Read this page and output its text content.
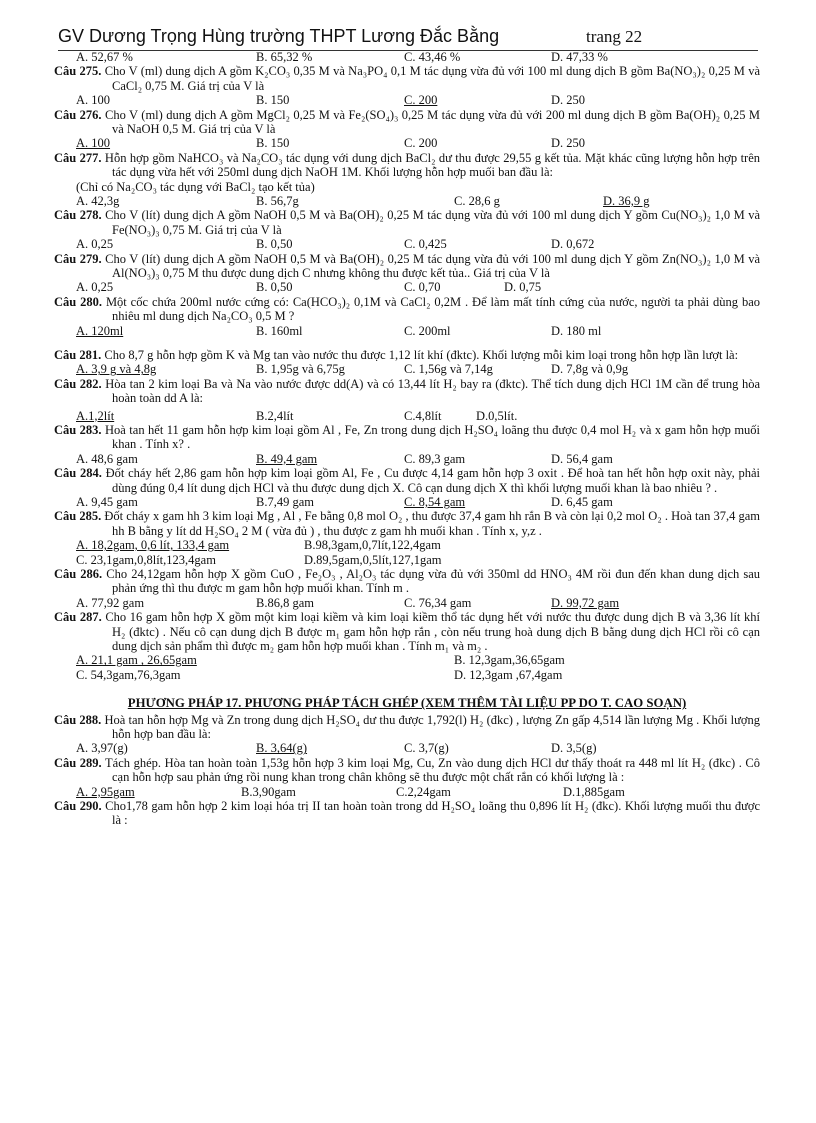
GV Dương Trọng Hùng trường THPT Lương Đắc Bằng	trang 22
A. 52,67 %	B. 65,32 %	C. 43,46 %	D. 47,33 %
Câu 275. Cho V (ml) dung dịch A gồm K₂CO₃ 0,35 M và Na₃PO₄ 0,1 M tác dụng vừa đủ với 100 ml dung dịch B gồm Ba(NO₃)₂ 0,25 M và CaCl₂ 0,75 M. Giá trị của V là
A. 100	B. 150	C. 200	D. 250
Câu 276. Cho V (ml) dung dịch A gồm MgCl₂ 0,25 M và Fe₂(SO₄)₃ 0,25 M tác dụng vừa đủ với 200 ml dung dịch B gồm Ba(OH)₂ 0,25 M và NaOH 0,5 M. Giá trị của V là
A. 100	B. 150	C. 200	D. 250
Câu 277. Hỗn hợp gồm NaHCO₃ và Na₂CO₃ tác dụng với dung dịch BaCl₂ dư thu được 29,55 g kết tủa. Mặt khác cũng lượng hỗn hợp trên tác dụng vừa hết với 250ml dung dịch NaOH 1M. Khối lượng hỗn hợp muối ban đầu là:
(Chỉ có Na₂CO₃ tác dụng với BaCl₂ tạo kết tủa)
A. 42,3g	B. 56,7g	C. 28,6 g	D. 36,9 g
Câu 278. Cho V (lít) dung dịch A gồm NaOH 0,5 M và Ba(OH)₂ 0,25 M tác dụng vừa đủ với 100 ml dung dịch Y gồm Cu(NO₃)₂ 1,0 M và Fe(NO₃)₃ 0,75 M. Giá trị của V là
A. 0,25	B. 0,50	C. 0,425	D. 0,672
Câu 279. Cho V (lít) dung dịch A gồm NaOH 0,5 M và Ba(OH)₂ 0,25 M tác dụng vừa đủ với 100 ml dung dịch Y gồm Zn(NO₃)₂ 1,0 M và Al(NO₃)₃ 0,75 M thu được dung dịch C nhưng không thu được kết tủa.. Giá trị của V là
A. 0,25	B. 0,50	C. 0,70	D. 0,75
Câu 280. Một cốc chứa 200ml nước cứng có: Ca(HCO₃)₂ 0,1M và CaCl₂ 0,2M . Để làm mất tính cứng của nước, người ta phải dùng bao nhiêu ml dung dịch Na₂CO₃ 0,5 M ?
A. 120ml	B. 160ml	C. 200ml	D. 180 ml
Câu 281. Cho 8,7 g hỗn hợp gồm K và Mg tan vào nước thu được 1,12 lít khí (đktc). Khối lượng mỗi kim loại trong hỗn hợp lần lượt là:
A. 3,9 g và 4,8g	B. 1,95g và 6,75g	C. 1,56g và 7,14g	D. 7,8g và 0,9g
Câu 282. Hòa tan 2 kim loại Ba và Na vào nước được dd(A) và có 13,44 lít H₂ bay ra (đktc). Thể tích dung dịch HCl 1M cần để trung hòa hoàn toàn dd A là:
A.1,2lít	B.2,4lít	C.4,8lít	D.0,5lít.
Câu 283. Hoà tan hết 11 gam hỗn hợp kim loại gồm Al , Fe, Zn trong dung dịch H₂SO₄ loãng thu được 0,4 mol H₂ và x gam hỗn hợp muối khan . Tính x? .
A. 48,6 gam	B. 49,4 gam	C. 89,3 gam	D. 56,4 gam
Câu 284. Đốt cháy hết 2,86 gam hỗn hợp kim loại gồm Al, Fe , Cu được 4,14 gam hỗn hợp 3 oxit . Để hoà tan hết hỗn hợp oxit này, phải dùng đúng 0,4 lít dung dịch HCl và thu được dung dịch X. Cô cạn dung dịch X thì khối lượng muối khan là bao nhiêu ? .
A. 9,45 gam	B.7,49 gam	C. 8,54 gam	D. 6,45 gam
Câu 285. Đốt cháy x gam hh 3 kim loại Mg , Al , Fe bằng 0,8 mol O₂ , thu được 37,4 gam hh rắn B và còn lại 0,2 mol O₂ . Hoà tan 37,4 gam hh B bằng y lít dd H₂SO₄ 2 M ( vừa đủ ) , thu được z gam hh muối khan . Tính x, y,z .
A. 18,2gam, 0,6 lít, 133,4 gam	B.98,3gam,0,7lít,122,4gam
C. 23,1gam,0,8lít,123,4gam	D.89,5gam,0,5lít,127,1gam
Câu 286. Cho 24,12gam hỗn hợp X gồm CuO , Fe₂O₃ , Al₂O₃ tác dụng vừa đủ với 350ml dd HNO₃ 4M rồi đun đến khan dung dịch sau phản ứng thì thu được m gam hỗn hợp muối khan. Tính m .
A. 77,92 gam	B.86,8 gam	C. 76,34 gam	D. 99,72 gam
Câu 287. Cho 16 gam hỗn hợp X gồm một kim loại kiềm và kim loại kiềm thổ tác dụng hết với nước thu được dung dịch B và 3,36 lít khí H₂ (đktc) . Nếu cô cạn dung dịch B được m₁ gam hỗn hợp rắn , còn nếu trung hoà dung dịch B bằng dung dịch HCl rồi cô cạn dung dịch sản phẩm thì được m₂ gam hỗn hợp muối khan . Tính m₁ và m₂ .
A. 21,1 gam , 26,65gam	B. 12,3gam,36,65gam
C. 54,3gam,76,3gam	D. 12,3gam ,67,4gam
PHƯƠNG PHÁP 17. PHƯƠNG PHÁP TÁCH GHÉP (XEM THÊM TÀI LIỆU PP DO T. CAO SOẠN)
Câu 288. Hoà tan hỗn hợp Mg và Zn trong dung dịch H₂SO₄ dư thu được 1,792(l) H₂ (đkc) , lượng Zn gấp 4,514 lần lượng Mg . Khối lượng hỗn hợp ban đầu là:
A. 3,97(g)	B. 3,64(g)	C. 3,7(g)	D. 3,5(g)
Câu 289. Tách ghép. Hòa tan hoàn toàn 1,53g hỗn hợp 3 kim loại Mg, Cu, Zn vào dung dịch HCl dư thấy thoát ra 448 ml lít H₂ (đkc) . Cô cạn hỗn hợp sau phản ứng rồi nung khan trong chân không sẽ thu được một chất rắn có khối lượng là :
A. 2,95gam	B.3,90gam	C.2,24gam	D.1,885gam
Câu 290. Cho1,78 gam hỗn hợp 2 kim loại hóa trị II tan hoàn toàn trong dd H₂SO₄ loãng thu 0,896 lít H₂ (đkc). Khối lượng muối thu được là :
